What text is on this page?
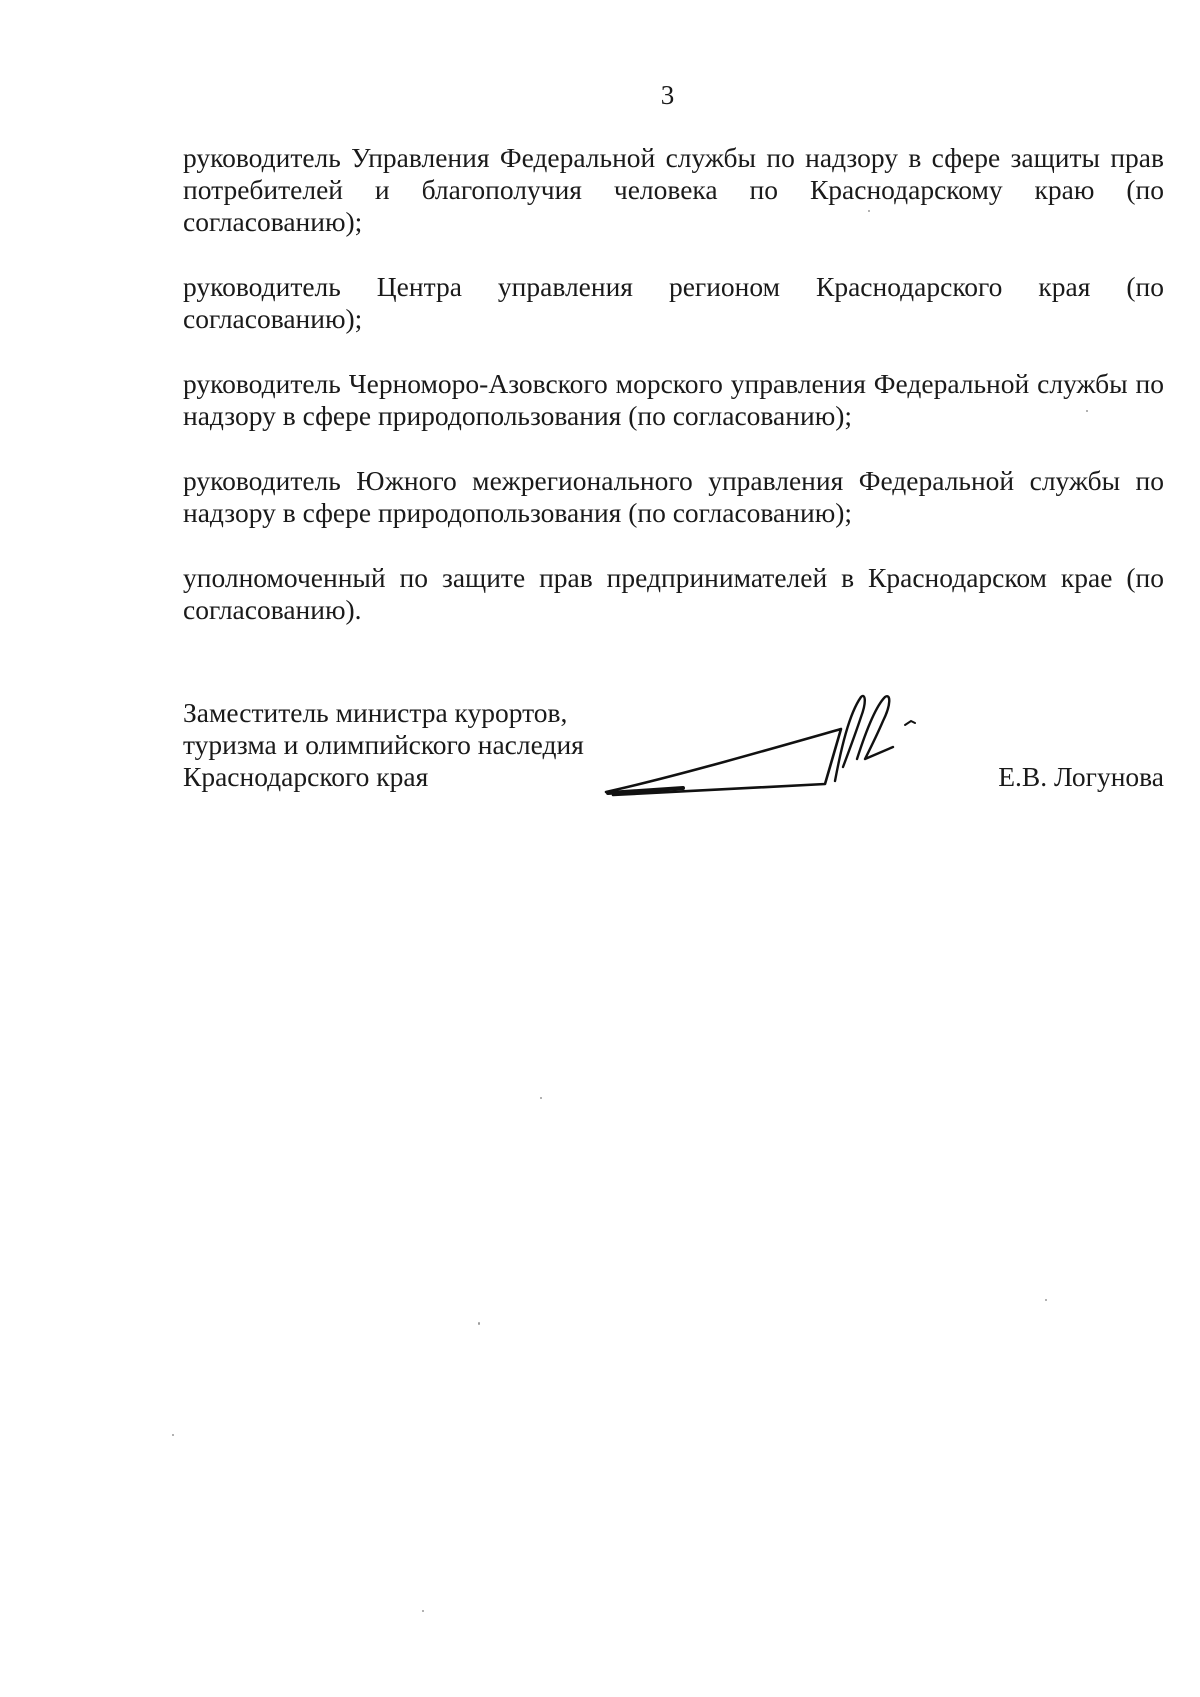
3

руководитель Управления Федеральной службы по надзору в сфере защиты прав потребителей и благополучия человека по Краснодарскому краю (по согласованию);

руководитель Центра управления регионом Краснодарского края (по согласованию);

руководитель Черноморо-Азовского морского управления Федеральной службы по надзору в сфере природопользования (по согласованию);

руководитель Южного межрегионального управления Федеральной службы по надзору в сфере природопользования (по согласованию);

уполномоченный по защите прав предпринимателей в Краснодарском крае (по согласованию).

Заместитель министра курортов,
туризма и олимпийского наследия
Краснодарского края	Е.В. Логунова
